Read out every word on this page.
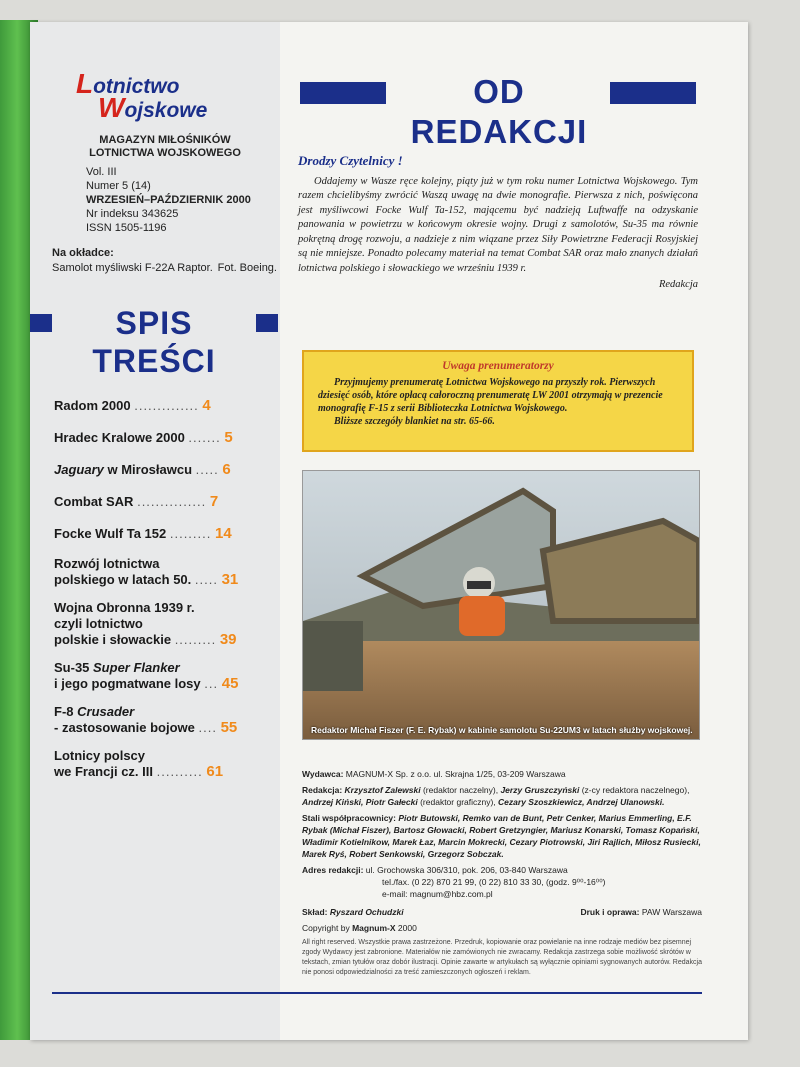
Lotnictwo
Wojskowe
MAGAZYN MIŁOŚNIKÓW
LOTNICTWA WOJSKOWEGO
Vol. III
Numer 5 (14)
WRZESIEŃ–PAŹDZIERNIK 2000
Nr indeksu 343625
ISSN 1505-1196
Na okładce:
Samolot myśliwski F-22A Raptor. Fot. Boeing.
SPIS TREŚCI
Radom 2000 .............. 4
Hradec Kralowe 2000 ....... 5
Jaguary w Mirosławcu ..... 6
Combat SAR ............... 7
Focke Wulf Ta 152 ......... 14
Rozwój lotnictwa
polskiego w latach 50. ..... 31
Wojna Obronna 1939 r.
czyli lotnictwo
polskie i słowackie ......... 39
Su-35 Super Flanker
i jego pogmatwane losy ... 45
F-8 Crusader
- zastosowanie bojowe .... 55
Lotnicy polscy
we Francji cz. III .......... 61
OD REDAKCJI
Drodzy Czytelnicy !
Oddajemy w Wasze ręce kolejny, piąty już w tym roku numer Lotnictwa Wojskowego. Tym razem chcielibyśmy zwrócić Waszą uwagę na dwie monografie. Pierwsza z nich, poświęcona jest myśliwcowi Focke Wulf Ta-152, mającemu być nadzieją Luftwaffe na odzyskanie panowania w powietrzu w końcowym okresie wojny. Drugi z samolotów, Su-35 ma równie pokrętną drogę rozwoju, a nadzieje z nim wiązane przez Siły Powietrzne Federacji Rosyjskiej są nie mniejsze. Ponadto polecamy materiał na temat Combat SAR oraz mało znanych działań lotnictwa polskiego i słowackiego we wrześniu 1939 r.
Redakcja
Uwaga prenumeratorzy
Przyjmujemy prenumeratę Lotnictwa Wojskowego na przyszły rok. Pierwszych dziesięć osób, które opłacą całoroczną prenumeratę LW 2001 otrzymają w prezencie monografię F-15 z serii Biblioteczka Lotnictwa Wojskowego.
Bliższe szczegóły blankiet na str. 65-66.
Redaktor Michał Fiszer (F. E. Rybak) w kabinie samolotu Su-22UM3 w latach służby wojskowej.
Wydawca: MAGNUM-X Sp. z o.o. ul. Skrajna 1/25, 03-209 Warszawa
Redakcja: Krzysztof Zalewski (redaktor naczelny), Jerzy Gruszczyński (z-cy redaktora naczelnego), Andrzej Kiński, Piotr Gałecki (redaktor graficzny), Cezary Szoszkiewicz, Andrzej Ulanowski.
Stali współpracownicy: Piotr Butowski, Remko van de Bunt, Petr Cenker, Marius Emmerling, E.F. Rybak (Michał Fiszer), Bartosz Głowacki, Robert Gretzyngier, Mariusz Konarski, Tomasz Kopański, Władimir Kotielnikow, Marek Łaz, Marcin Mokrecki, Cezary Piotrowski, Jiri Rajlich, Miłosz Rusiecki, Marek Ryś, Robert Senkowski, Grzegorz Sobczak.
Adres redakcji: ul. Grochowska 306/310, pok. 206, 03-840 Warszawa
tel./fax. (0 22) 870 21 99, (0 22) 810 33 30, (godz. 9⁰⁰-16⁰⁰)
e-mail: magnum@hbz.com.pl
Skład: Ryszard Ochudzki	Druk i oprawa: PAW Warszawa
Copyright by Magnum-X 2000
All right reserved. Wszystkie prawa zastrzeżone. Przedruk, kopiowanie oraz powielanie na inne rodzaje mediów bez pisemnej zgody Wydawcy jest zabronione. Materiałów nie zamówionych nie zwracamy. Redakcja zastrzega sobie możliwość skrótów w tekstach, zmian tytułów oraz dobór ilustracji. Opinie zawarte w artykułach są wyłącznie opiniami sygnowanych autorów. Redakcja nie ponosi odpowiedzialności za treść zamieszczonych ogłoszeń i reklam.
